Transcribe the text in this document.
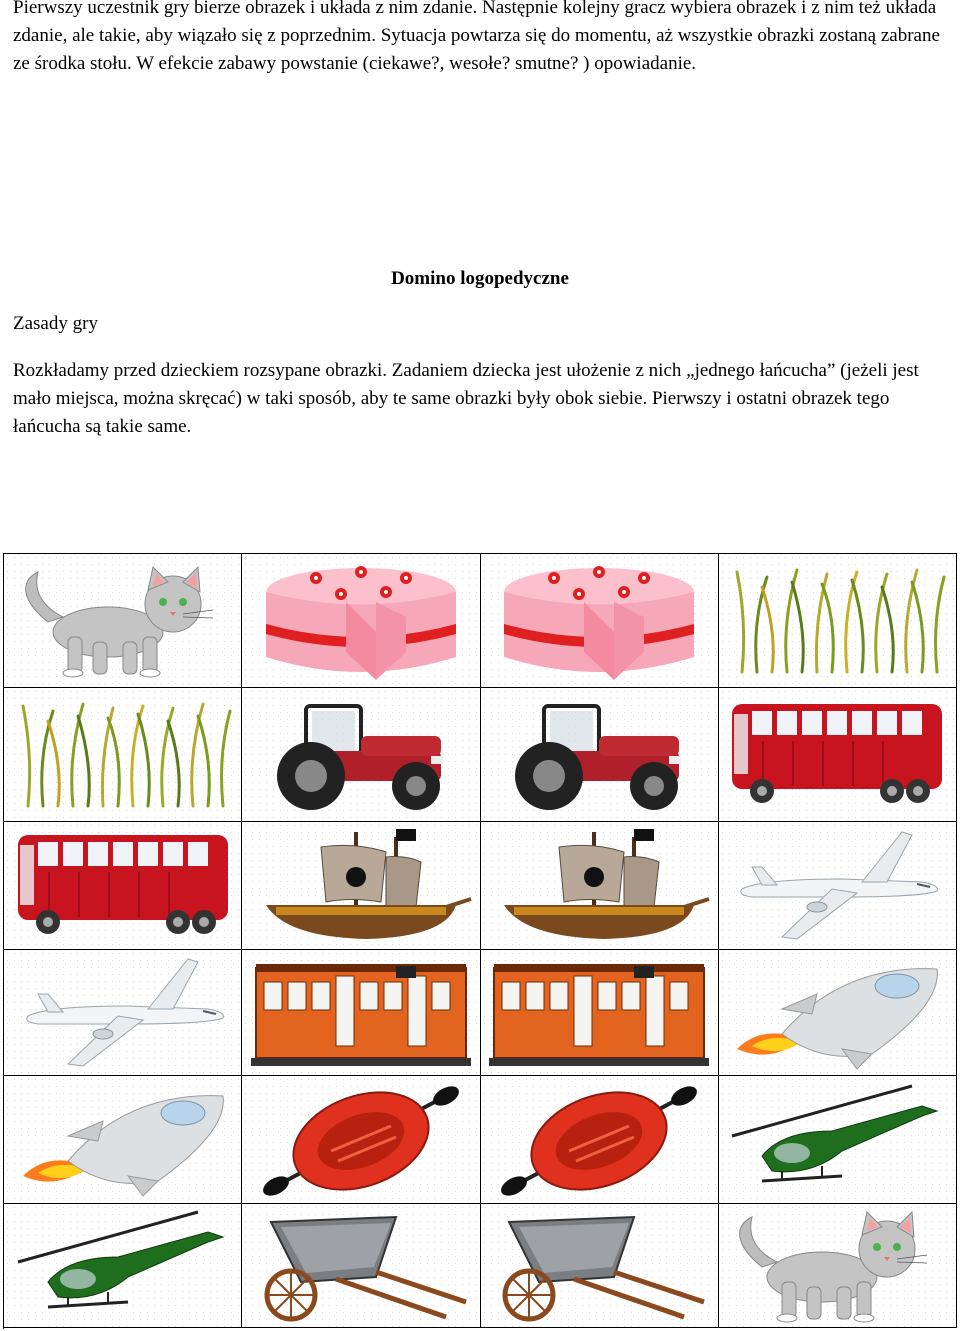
Pierwszy uczestnik gry bierze obrazek i układa z nim zdanie. Następnie kolejny gracz wybiera obrazek i z nim też układa zdanie, ale takie, aby wiązało się z poprzednim. Sytuacja powtarza się do momentu, aż wszystkie obrazki zostaną zabrane ze środka stołu. W efekcie zabawy powstanie (ciekawe?, wesołe? smutne? ) opowiadanie.

Domino logopedyczne

Zasady gry

Rozkładamy przed dzieckiem rozsypane obrazki. Zadaniem dziecka jest ułożenie z nich „jednego łańcucha” (jeżeli jest mało miejsca, można skręcać) w taki sposób, aby te same obrazki były obok siebie. Pierwszy i ostatni obrazek tego łańcucha są takie same.
